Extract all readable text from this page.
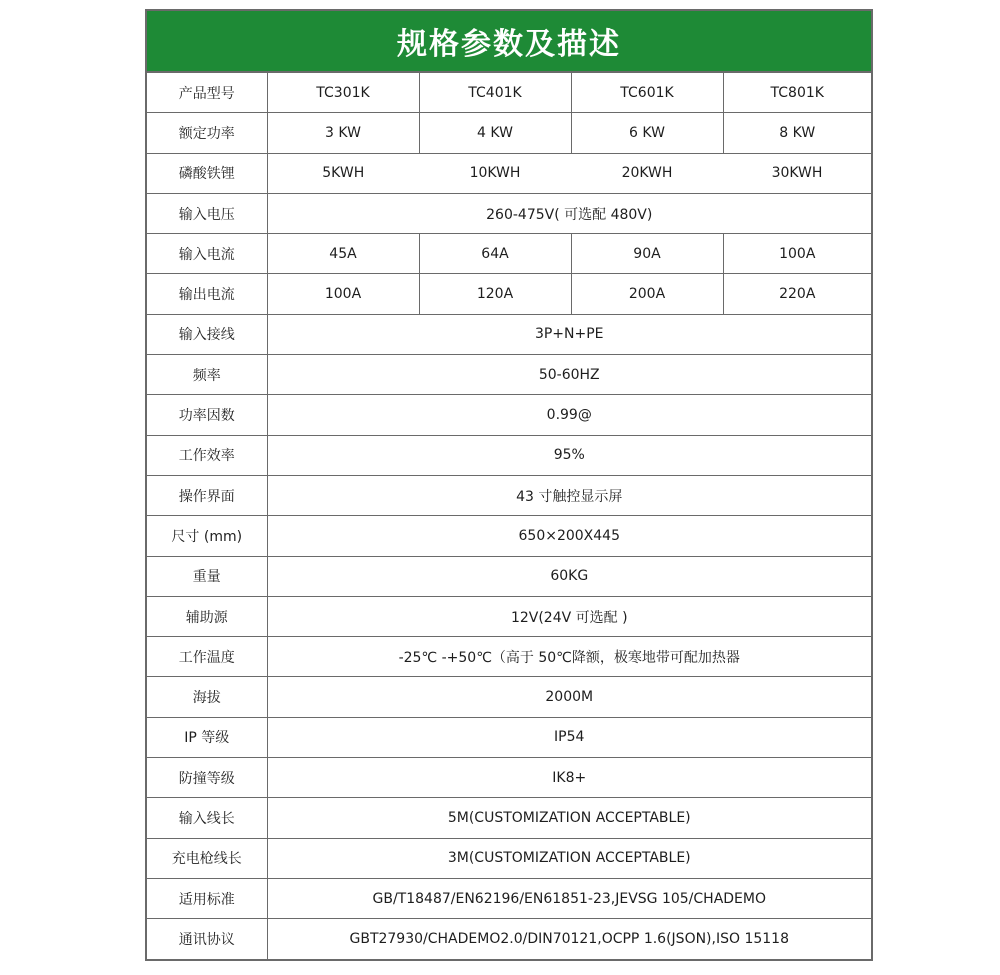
规格参数及描述
产品型号	TC301K	TC401K	TC601K	TC801K
额定功率	3 KW	4 KW	6 KW	8 KW
磷酸铁锂	5KWH	10KWH	20KWH	30KWH
输入电压	260-475V( 可选配 480V)			
输入电流	45A	64A	90A	100A
输出电流	100A	120A	200A	220A
输入接线	3P+N+PE			
频率	50-60HZ			
功率因数	0.99@			
工作效率	95%			
操作界面	43 寸触控显示屏			
尺寸 (mm)	650×200X445			
重量	60KG			
辅助源	12V(24V 可选配 )			
工作温度	-25℃ -+50℃（高于 50℃降额，极寒地带可配加热器			
海拔	2000M			
IP 等级	IP54			
防撞等级	IK8+			
输入线长	5M(CUSTOMIZATION ACCEPTABLE)			
充电枪线长	3M(CUSTOMIZATION ACCEPTABLE)			
适用标准	GB/T18487/EN62196/EN61851-23,JEVSG 105/CHADEMO			
通讯协议	GBT27930/CHADEMO2.0/DIN70121,OCPP 1.6(JSON),ISO 15118			
